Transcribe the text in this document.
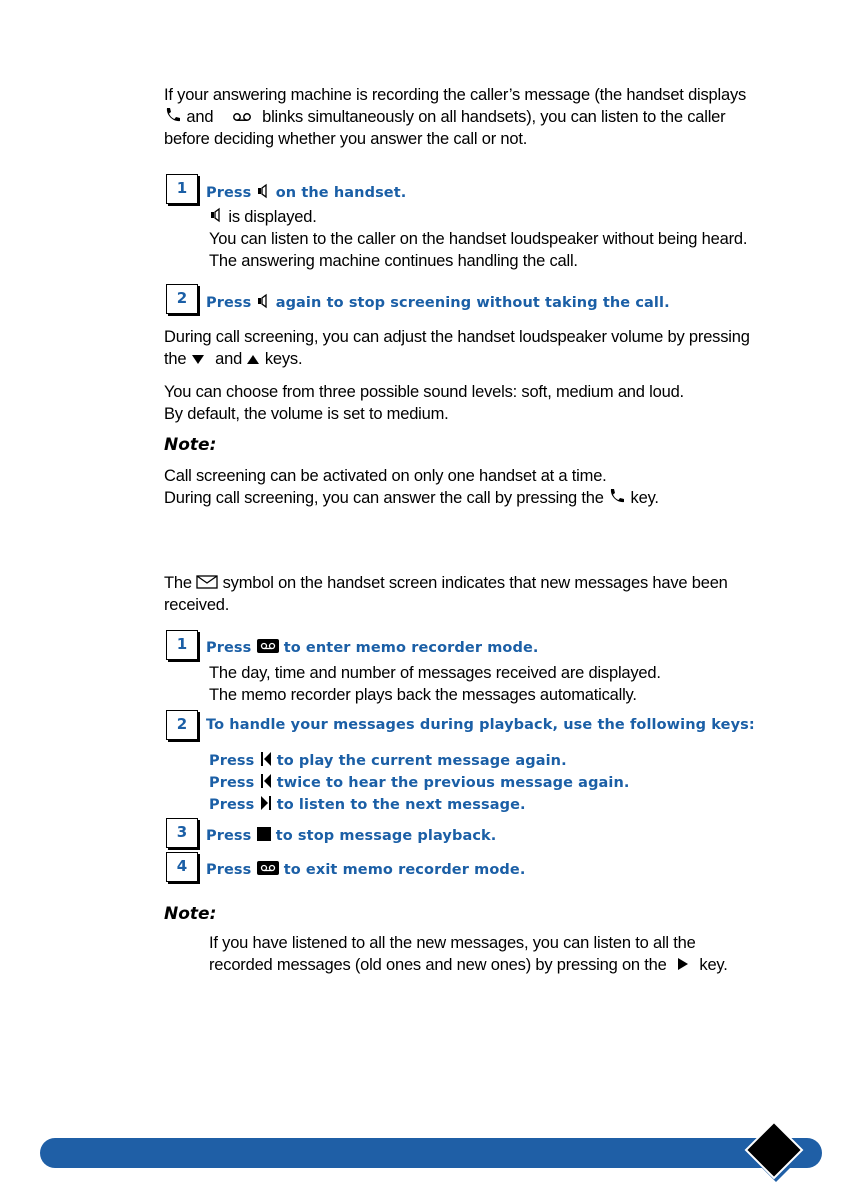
If your answering machine is recording the caller’s message (the handset displays
and	blinks simultaneously on all handsets), you can listen to the caller
before deciding whether you answer the call or not.
1	Press on the handset.
is displayed.
You can listen to the caller on the handset loudspeaker without being heard.
The answering machine continues handling the call.
2	Press again to stop screening without taking the call.
During call screening, you can adjust the handset loudspeaker volume by pressing
the and keys.
You can choose from three possible sound levels: soft, medium and loud.
By default, the volume is set to medium.
Note:
Call screening can be activated on only one handset at a time.
During call screening, you can answer the call by pressing the key.
The symbol on the handset screen indicates that new messages have been
received.
1	Press to enter memo recorder mode.
The day, time and number of messages received are displayed.
The memo recorder plays back the messages automatically.
2	To handle your messages during playback, use the following keys:
Press to play the current message again.
Press twice to hear the previous message again.
Press to listen to the next message.
3	Press to stop message playback.
4	Press to exit memo recorder mode.
Note:
If you have listened to all the new messages, you can listen to all the
recorded messages (old ones and new ones) by pressing on the key.
